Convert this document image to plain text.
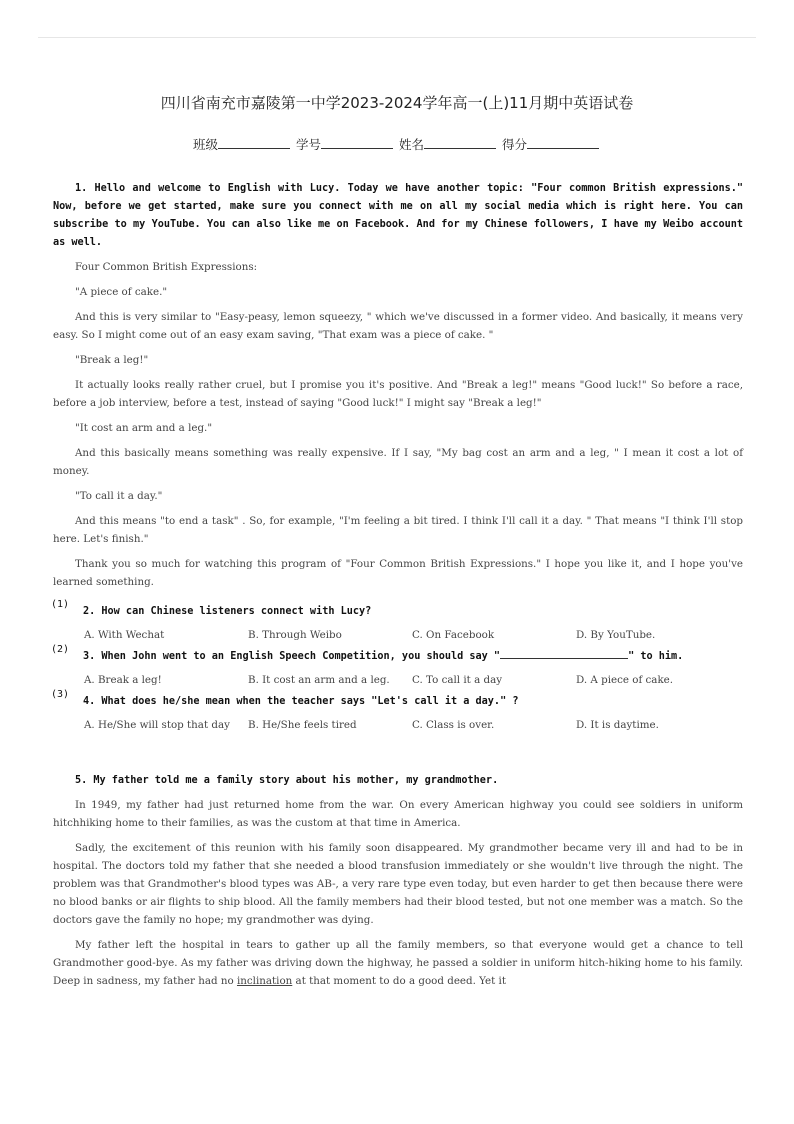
四川省南充市嘉陵第一中学2023-2024学年高一(上)11月期中英语试卷
班级	学号	姓名	得分
1. Hello and welcome to English with Lucy. Today we have another topic: "Four common British expressions." Now, before we get started, make sure you connect with me on all my social media which is right here. You can subscribe to my YouTube. You can also like me on Facebook. And for my Chinese followers, I have my Weibo account as well.

Four Common British Expressions:

"A piece of cake."

And this is very similar to "Easy-peasy, lemon squeezy, " which we've discussed in a former video. And basically, it means very easy. So I might come out of an easy exam saving, "That exam was a piece of cake. "

"Break a leg!"

It actually looks really rather cruel, but I promise you it's positive. And "Break a leg!" means "Good luck!" So before a race, before a job interview, before a test, instead of saying "Good luck!" I might say "Break a leg!"

"It cost an arm and a leg."

And this basically means something was really expensive. If I say, "My bag cost an arm and a leg, " I mean it cost a lot of money.

"To call it a day."

And this means "to end a task" . So, for example, "I'm feeling a bit tired. I think I'll call it a day. " That means "I think I'll stop here. Let's finish."

Thank you so much for watching this program of "Four Common British Expressions." I hope you like it, and I hope you've learned something.

(1)
2. How can Chinese listeners connect with Lucy?
A. With Wechat	B. Through Weibo	C. On Facebook	D. By YouTube.
(2)
3. When John went to an English Speech Competition, you should say "	" to him.
A. Break a leg!	B. It cost an arm and a leg.	C. To call it a day	D. A piece of cake.
(3)
4. What does he/she mean when the teacher says "Let's call it a day." ?
A. He/She will stop that day	B. He/She feels tired	C. Class is over.	D. It is daytime.
5. My father told me a family story about his mother, my grandmother.

In 1949, my father had just returned home from the war. On every American highway you could see soldiers in uniform hitchhiking home to their families, as was the custom at that time in America.

Sadly, the excitement of this reunion with his family soon disappeared. My grandmother became very ill and had to be in hospital. The doctors told my father that she needed a blood transfusion immediately or she wouldn't live through the night. The problem was that Grandmother's blood types was AB-, a very rare type even today, but even harder to get then because there were no blood banks or air flights to ship blood. All the family members had their blood tested, but not one member was a match. So the doctors gave the family no hope; my grandmother was dying.

My father left the hospital in tears to gather up all the family members, so that everyone would get a chance to tell Grandmother good-bye. As my father was driving down the highway, he passed a soldier in uniform hitch-hiking home to his family. Deep in sadness, my father had no inclination at that moment to do a good deed. Yet it
